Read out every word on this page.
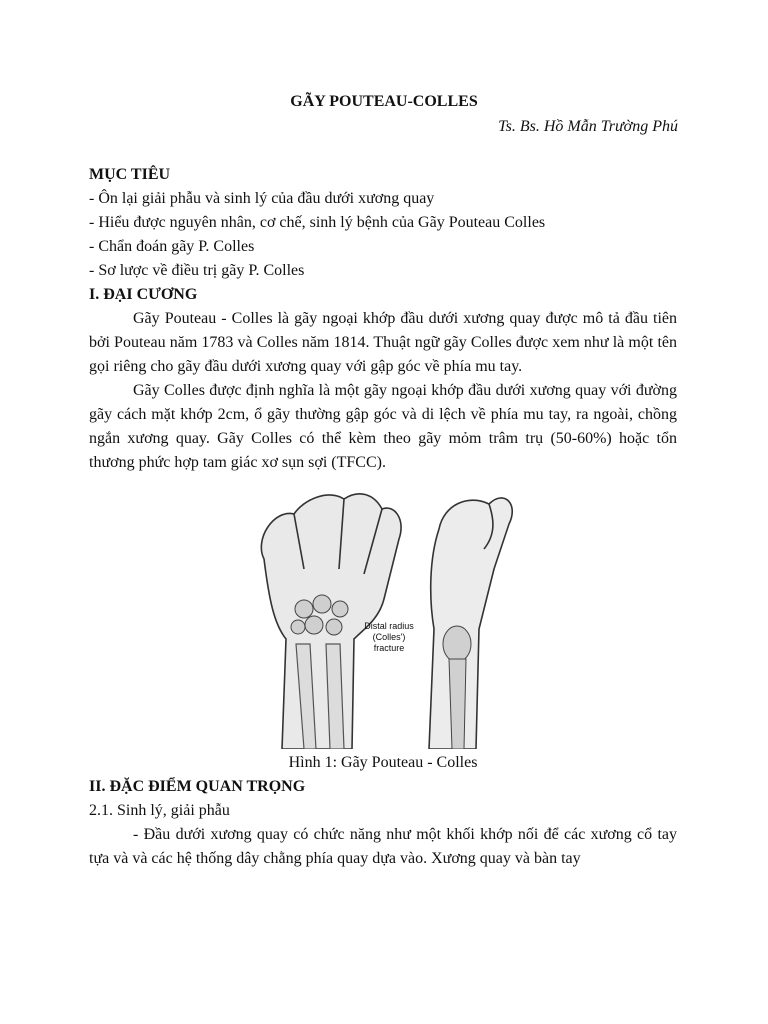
GÃY POUTEAU-COLLES
Ts. Bs. Hồ Mẫn Trường Phú
MỤC TIÊU
- Ôn lại giải phẫu và sinh lý của đầu dưới xương quay
- Hiểu được nguyên nhân, cơ chế, sinh lý bệnh của Gãy Pouteau Colles
- Chẩn đoán gãy P. Colles
- Sơ lược về điều trị gãy P. Colles
I. ĐẠI CƯƠNG
Gãy Pouteau - Colles là gãy ngoại khớp đầu dưới xương quay được mô tả đầu tiên bởi Pouteau năm 1783 và Colles năm 1814. Thuật ngữ gãy Colles được xem như là một tên gọi riêng cho gãy đầu dưới xương quay với gập góc về phía mu tay.
Gãy Colles được định nghĩa là một gãy ngoại khớp đầu dưới xương quay với đường gãy cách mặt khớp 2cm, ổ gãy thường gập góc và di lệch về phía mu tay, ra ngoài, chồng ngắn xương quay. Gãy Colles có thể kèm theo gãy mỏm trâm trụ (50-60%) hoặc tổn thương phức hợp tam giác xơ sụn sợi (TFCC).
Distal radius
(Colles')
fracture
Hình 1: Gãy Pouteau - Colles
II. ĐẶC ĐIỂM QUAN TRỌNG
2.1. Sinh lý, giải phẫu
- Đầu dưới xương quay có chức năng như một khối khớp nối để các xương cổ tay tựa và và các hệ thống dây chằng phía quay dựa vào. Xương quay và bàn tay
